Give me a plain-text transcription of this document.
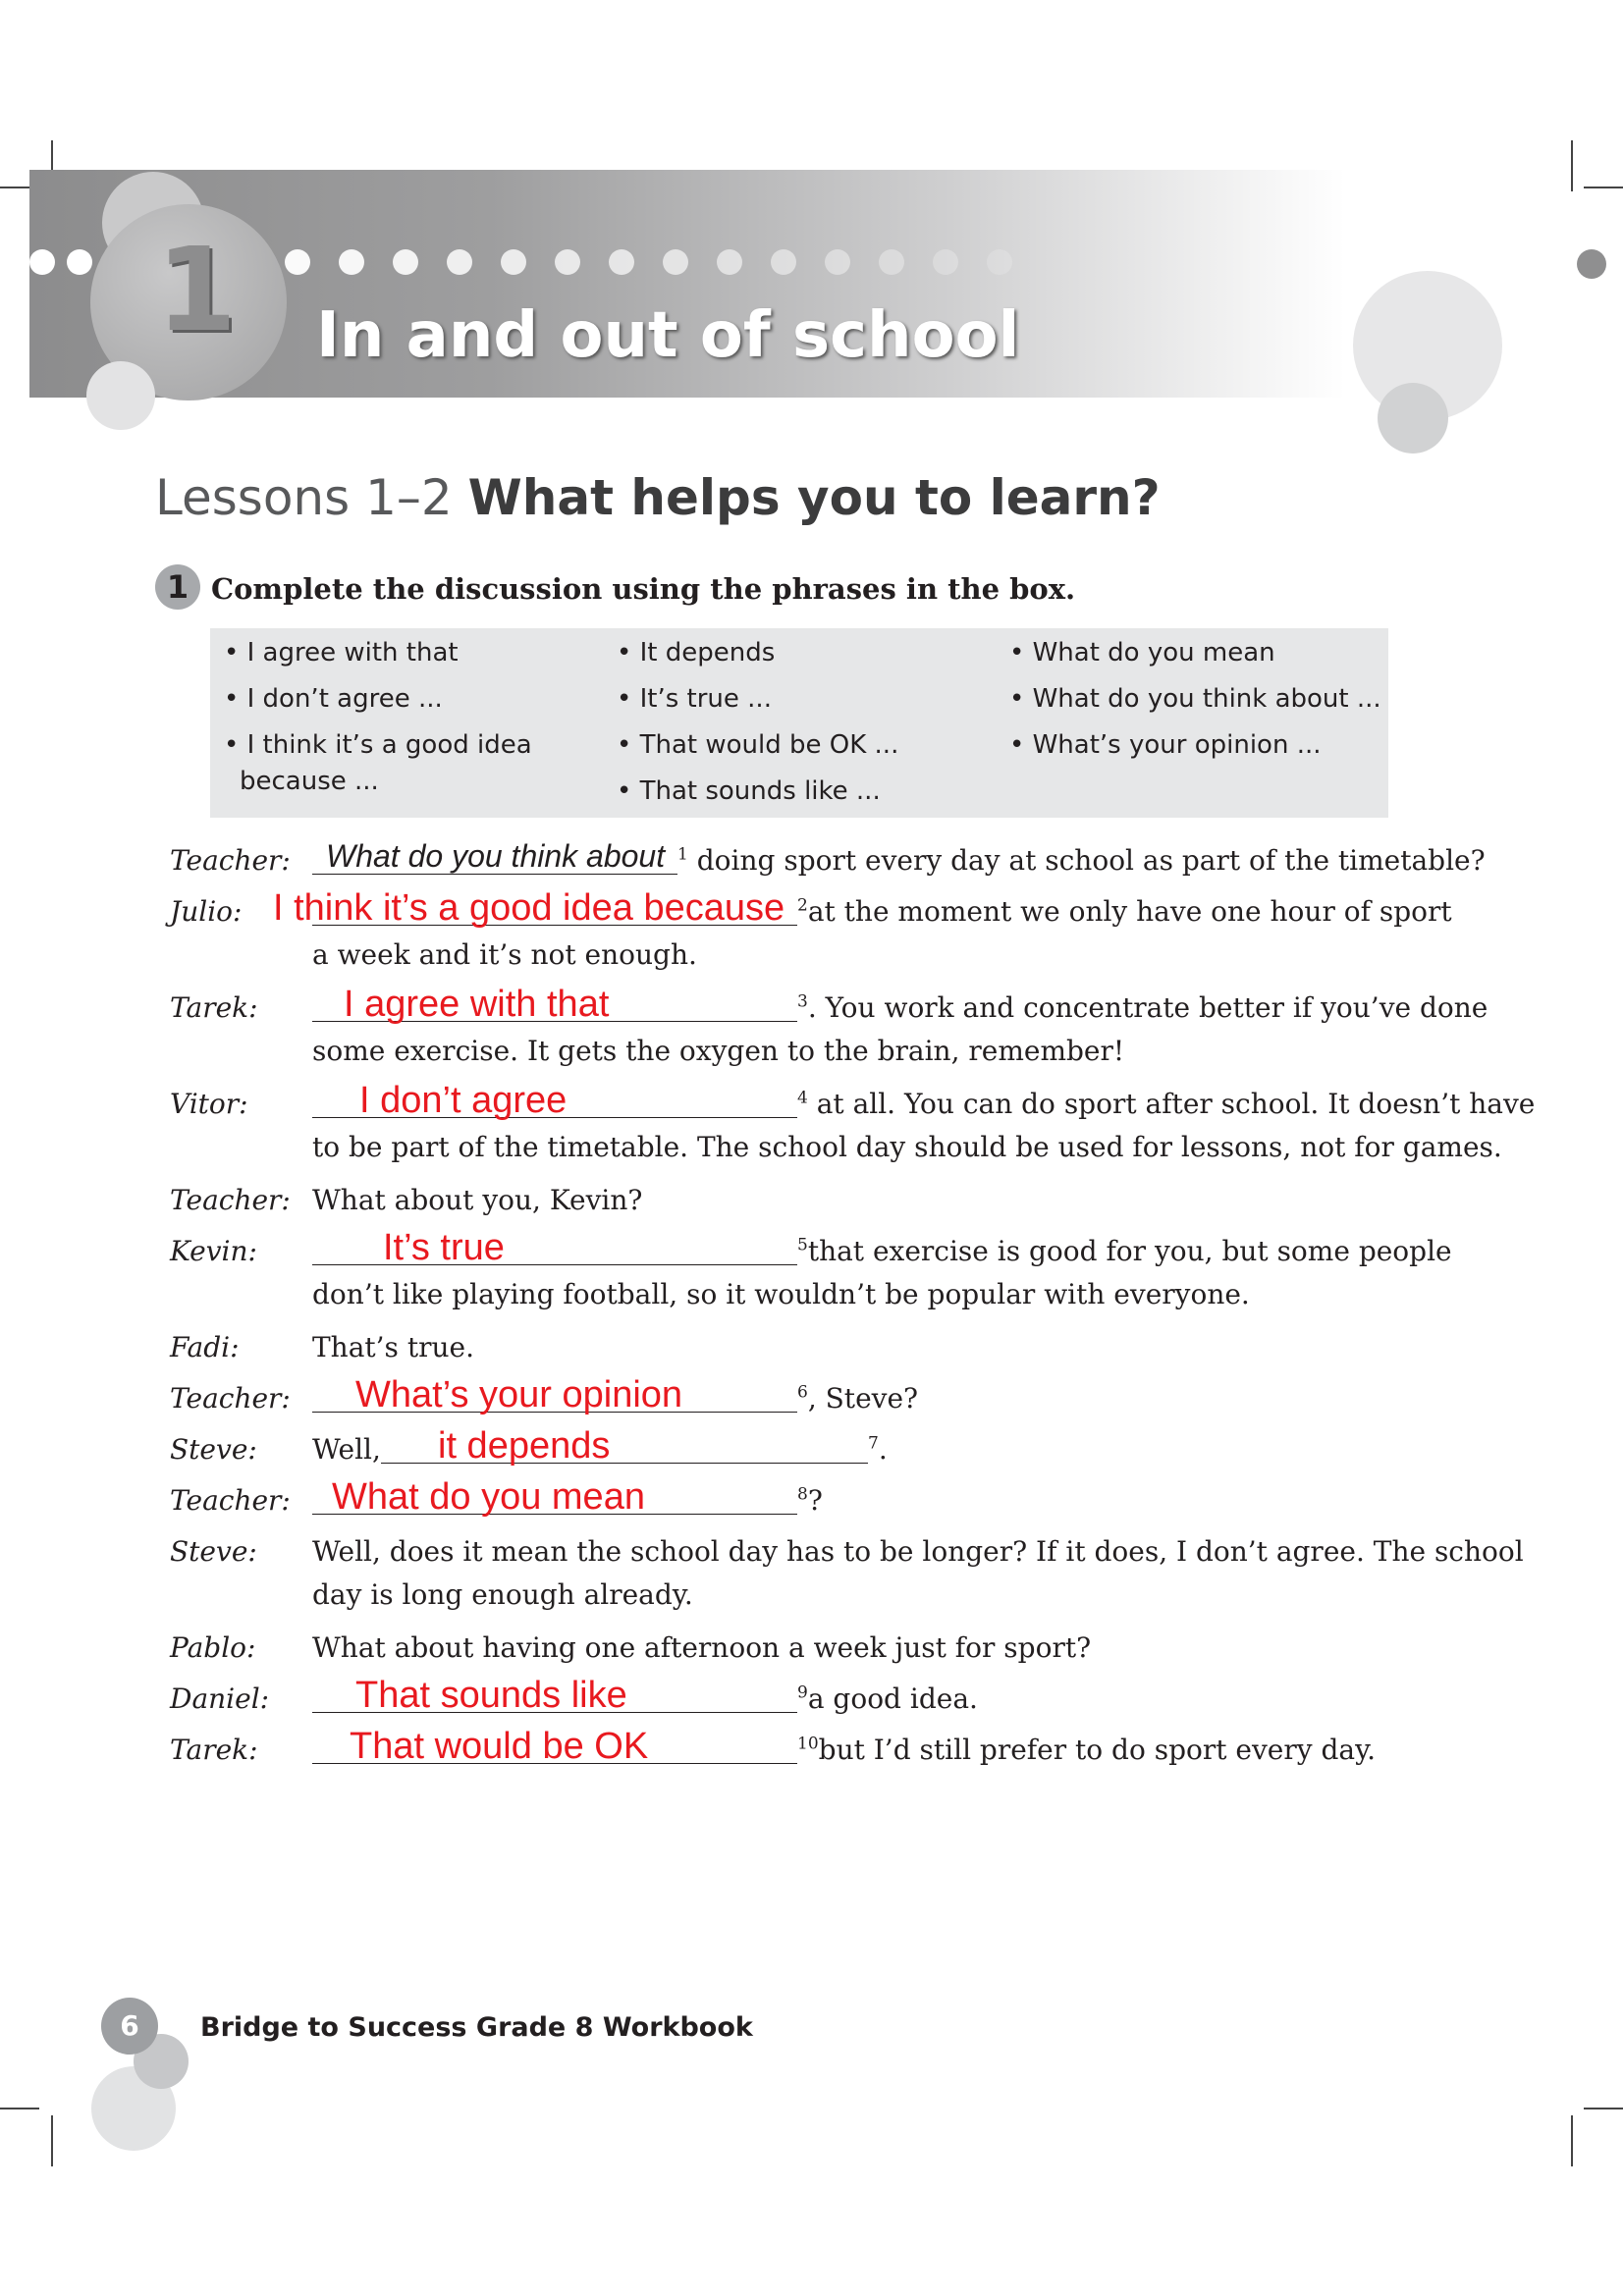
1 In and out of school
Lessons 1–2 What helps you to learn?
1 Complete the discussion using the phrases in the box.
• I agree with that
• I don’t agree ...
• I think it’s a good idea
because ...
• It depends
• It’s true ...
• That would be OK ...
• That sounds like ...
• What do you mean
• What do you think about ...
• What’s your opinion ...
Teacher: What do you think about $^1$ doing sport every day at school as part of the timetable?
Julio: I think it’s a good idea because $^2$at the moment we only have one hour of sport
a week and it’s not enough.
Tarek: I agree with that	$^3$. You work and concentrate better if you’ve done
some exercise. It gets the oxygen to the brain, remember!
Vitor:	I don’t agree	$^4$ at all. You can do sport after school. It doesn’t have
to be part of the timetable. The school day should be used for lessons, not for games.
Teacher: What about you, Kevin?
Kevin:	It’s true	$^5$that exercise is good for you, but some people
don’t like playing football, so it wouldn’t be popular with everyone.
Fadi:	That’s true.
Teacher: What’s your opinion	$^6$, Steve?
Steve: Well, it depends	$^7$.
Teacher: What do you mean	$^8$?
Steve: Well, does it mean the school day has to be longer? If it does, I don’t agree. The school
day is long enough already.
Pablo: What about having one afternoon a week just for sport?
Daniel: That sounds like	$^9$a good idea.
Tarek: That would be OK	$^{10}$but I’d still prefer to do sport every day.
6	Bridge to Success Grade 8 Workbook
